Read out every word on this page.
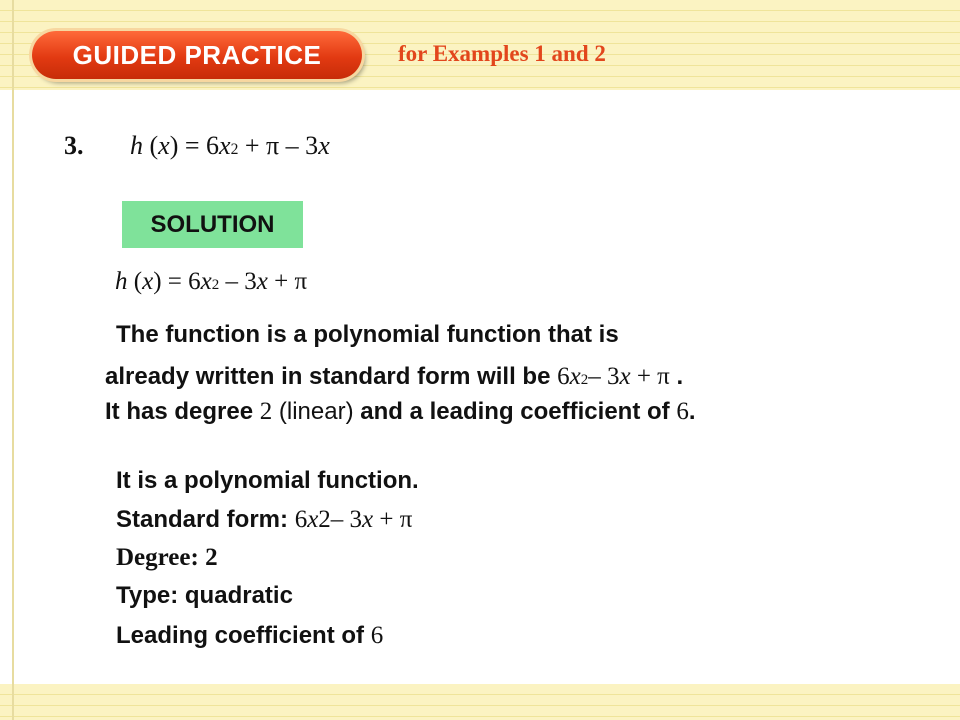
GUIDED PRACTICE	for Examples 1 and 2
3. h $(x) = 6x^2 + \pi - 3x$
SOLUTION
h $(x) = 6x^2 - 3x + \pi$
The function is a polynomial function that is
already written in standard form will be $6x^2-$ 3x + π .
It has degree 2 (linear) and a leading coefficient of 6.
It is a polynomial function.
Standard form: 6x2– 3x + π
Degree: 2
Type: quadratic
Leading coefficient of 6
